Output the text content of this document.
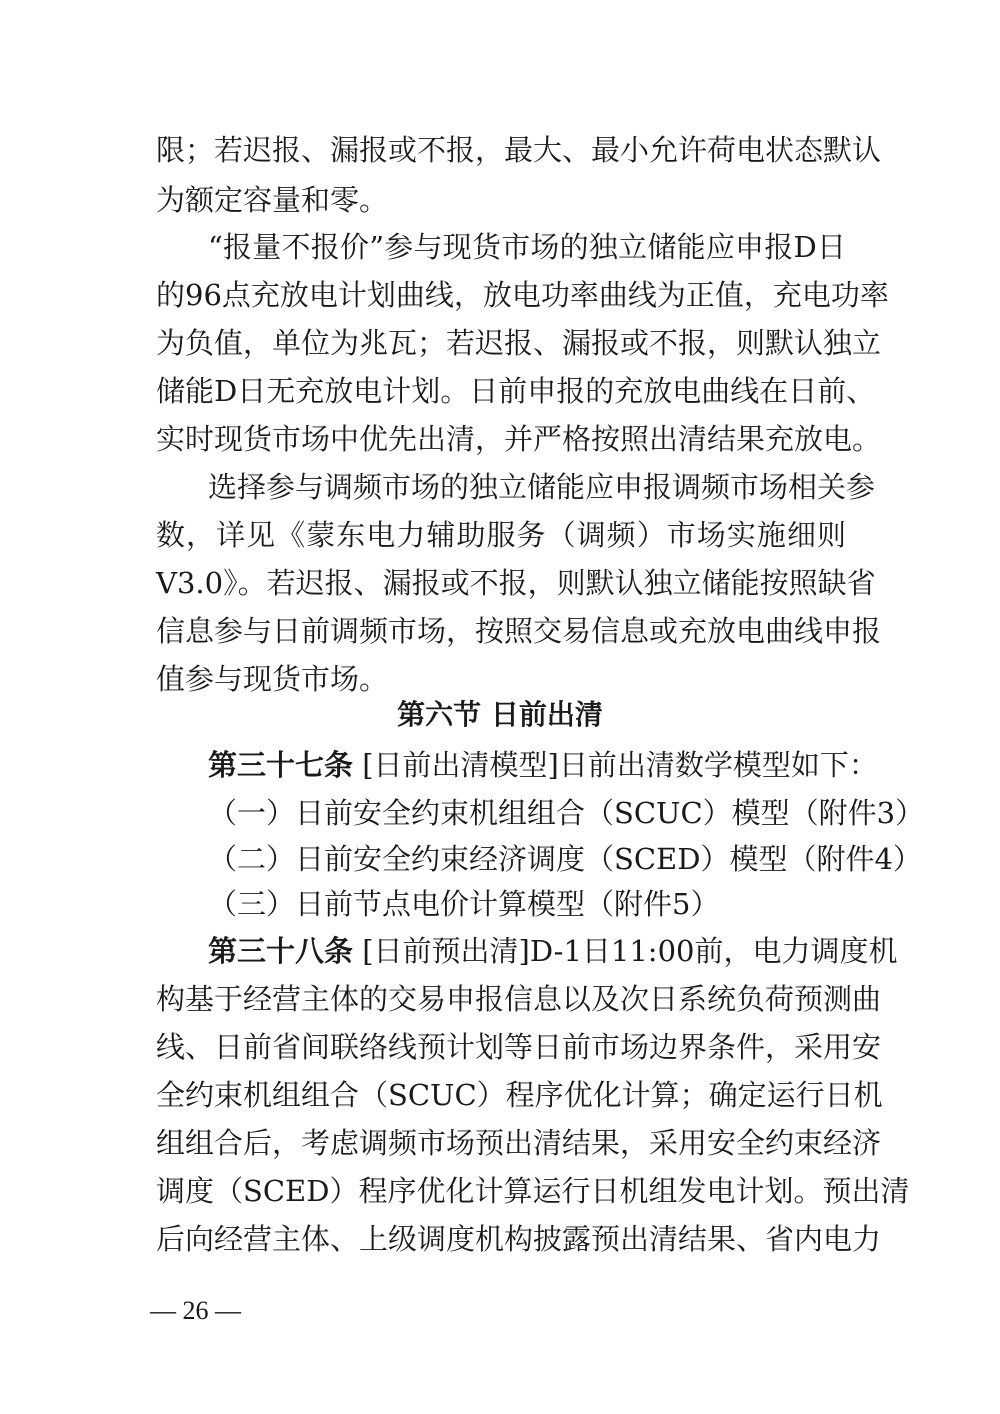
限；若迟报、漏报或不报，最大、最小允许荷电状态默认
为额定容量和零。
“报量不报价”参与现货市场的独立储能应申报D日
的96点充放电计划曲线，放电功率曲线为正值，充电功率
为负值，单位为兆瓦；若迟报、漏报或不报，则默认独立
储能D日无充放电计划。日前申报的充放电曲线在日前、
实时现货市场中优先出清，并严格按照出清结果充放电。
选择参与调频市场的独立储能应申报调频市场相关参
数，详见《蒙东电力辅助服务（调频）市场实施细则
V3.0》。若迟报、漏报或不报，则默认独立储能按照缺省
信息参与日前调频市场，按照交易信息或充放电曲线申报
值参与现货市场。
第六节 日前出清
第三十七条 [日前出清模型]日前出清数学模型如下：
（一）日前安全约束机组组合（SCUC）模型（附件3）
（二）日前安全约束经济调度（SCED）模型（附件4）
（三）日前节点电价计算模型（附件5）
第三十八条 [日前预出清]D-1日11:00前，电力调度机
构基于经营主体的交易申报信息以及次日系统负荷预测曲
线、日前省间联络线预计划等日前市场边界条件，采用安
全约束机组组合（SCUC）程序优化计算；确定运行日机
组组合后，考虑调频市场预出清结果，采用安全约束经济
调度（SCED）程序优化计算运行日机组发电计划。预出清
后向经营主体、上级调度机构披露预出清结果、省内电力
— 26 —
